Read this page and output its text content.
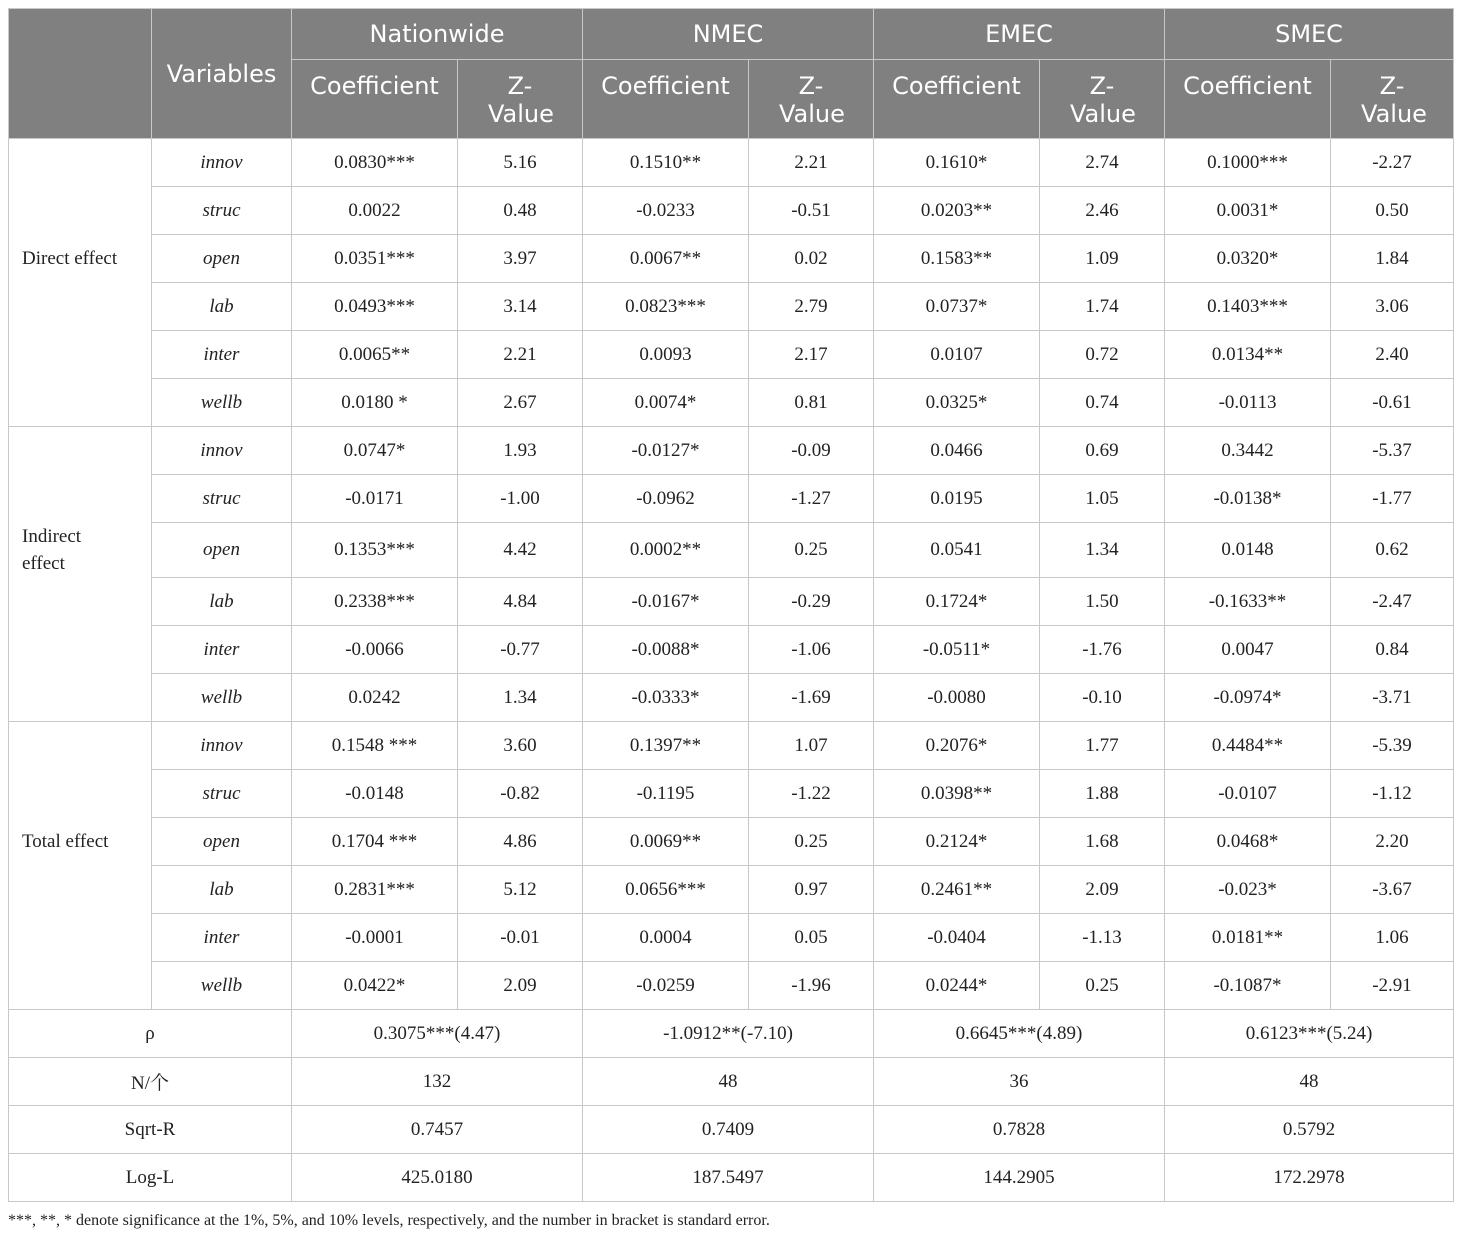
	Variables	Nationwide		NMEC		EMEC		SMEC	
		Coefficient	Z-Value	Coefficient	Z-Value	Coefficient	Z-Value	Coefficient	Z-Value
	innov	0.0830***	5.16	0.1510**	2.21	0.1610*	2.74	0.1000***	-2.27
	struc	0.0022	0.48	-0.0233	-0.51	0.0203**	2.46	0.0031*	0.50
Direct effect	open	0.0351***	3.97	0.0067**	0.02	0.1583**	1.09	0.0320*	1.84
	lab	0.0493***	3.14	0.0823***	2.79	0.0737*	1.74	0.1403***	3.06
	inter	0.0065**	2.21	0.0093	2.17	0.0107	0.72	0.0134**	2.40
	wellb	0.0180 *	2.67	0.0074*	0.81	0.0325*	0.74	-0.0113	-0.61
	innov	0.0747*	1.93	-0.0127*	-0.09	0.0466	0.69	0.3442	-5.37
	struc	-0.0171	-1.00	-0.0962	-1.27	0.0195	1.05	-0.0138*	-1.77
Indirect effect	open	0.1353***	4.42	0.0002**	0.25	0.0541	1.34	0.0148	0.62
	lab	0.2338***	4.84	-0.0167*	-0.29	0.1724*	1.50	-0.1633**	-2.47
	inter	-0.0066	-0.77	-0.0088*	-1.06	-0.0511*	-1.76	0.0047	0.84
	wellb	0.0242	1.34	-0.0333*	-1.69	-0.0080	-0.10	-0.0974*	-3.71
	innov	0.1548 ***	3.60	0.1397**	1.07	0.2076*	1.77	0.4484**	-5.39
	struc	-0.0148	-0.82	-0.1195	-1.22	0.0398**	1.88	-0.0107	-1.12
Total effect	open	0.1704 ***	4.86	0.0069**	0.25	0.2124*	1.68	0.0468*	2.20
	lab	0.2831***	5.12	0.0656***	0.97	0.2461**	2.09	-0.023*	-3.67
	inter	-0.0001	-0.01	0.0004	0.05	-0.0404	-1.13	0.0181**	1.06
	wellb	0.0422*	2.09	-0.0259	-1.96	0.0244*	0.25	-0.1087*	-2.91
ρ		0.3075***(4.47)		-1.0912**(-7.10)		0.6645***(4.89)		0.6123***(5.24)	
N/个		132		48		36		48	
Sqrt-R		0.7457		0.7409		0.7828		0.5792	
Log-L		425.0180		187.5497		144.2905		172.2978	
***, **, * denote significance at the 1%, 5%, and 10% levels, respectively, and the number in bracket is standard error.
